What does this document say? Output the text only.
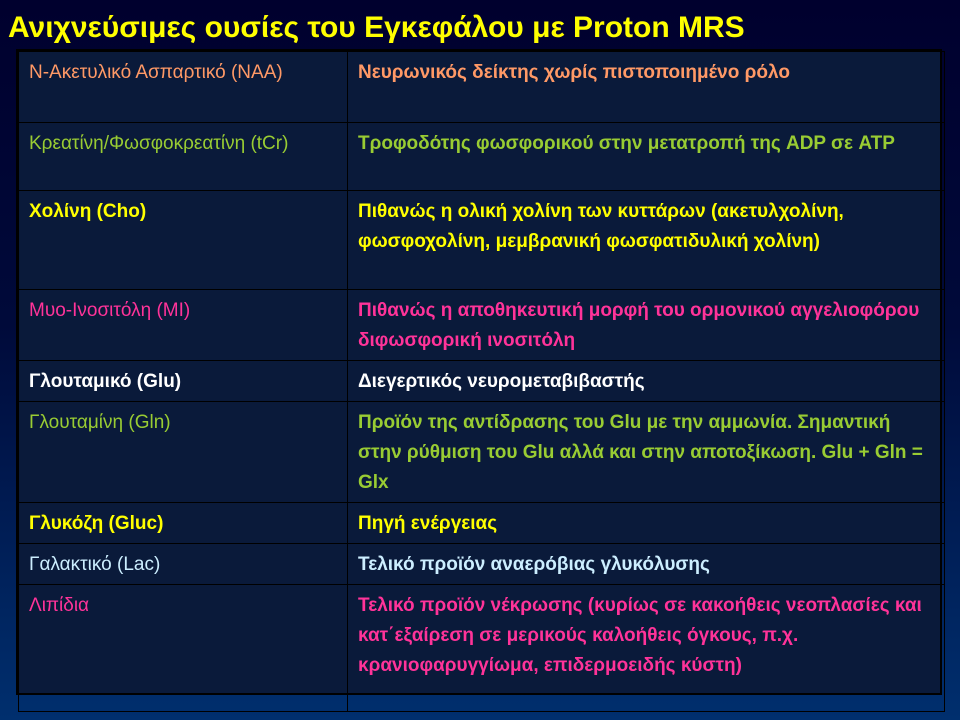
Ανιχνεύσιμες ουσίες του Εγκεφάλου με Proton MRS
N-Ακετυλικό Ασπαρτικό (NAA)	Νευρωνικός δείκτης χωρίς πιστοποιημένο ρόλο
Κρεατίνη/Φωσφοκρεατίνη (tCr)	Τροφοδότης φωσφορικού στην μετατροπή της ADP σε ATP
Χολίνη (Cho)	Πιθανώς η ολική χολίνη των κυττάρων (ακετυλχολίνη, φωσφοχολίνη, μεμβρανική φωσφατιδυλική χολίνη)
Μυο-Ινοσιτόλη (MI)	Πιθανώς η αποθηκευτική μορφή του ορμονικού αγγελιοφόρου διφωσφορική ινοσιτόλη
Γλουταμικό (Glu)	Διεγερτικός νευρομεταβιβαστής
Γλουταμίνη (Gln)	Προϊόν της αντίδρασης του Glu με την αμμωνία. Σημαντική στην ρύθμιση του Glu αλλά και στην αποτοξίκωση. Glu + Gln = Glx
Γλυκόζη (Gluc)	Πηγή ενέργειας
Γαλακτικό (Lac)	Τελικό προϊόν αναερόβιας γλυκόλυσης
Λιπίδια	Τελικό προϊόν νέκρωσης (κυρίως σε κακοήθεις νεοπλασίες και κατ΄εξαίρεση σε μερικούς καλοήθεις όγκους, π.χ. κρανιοφαρυγγίωμα, επιδερμοειδής κύστη)
